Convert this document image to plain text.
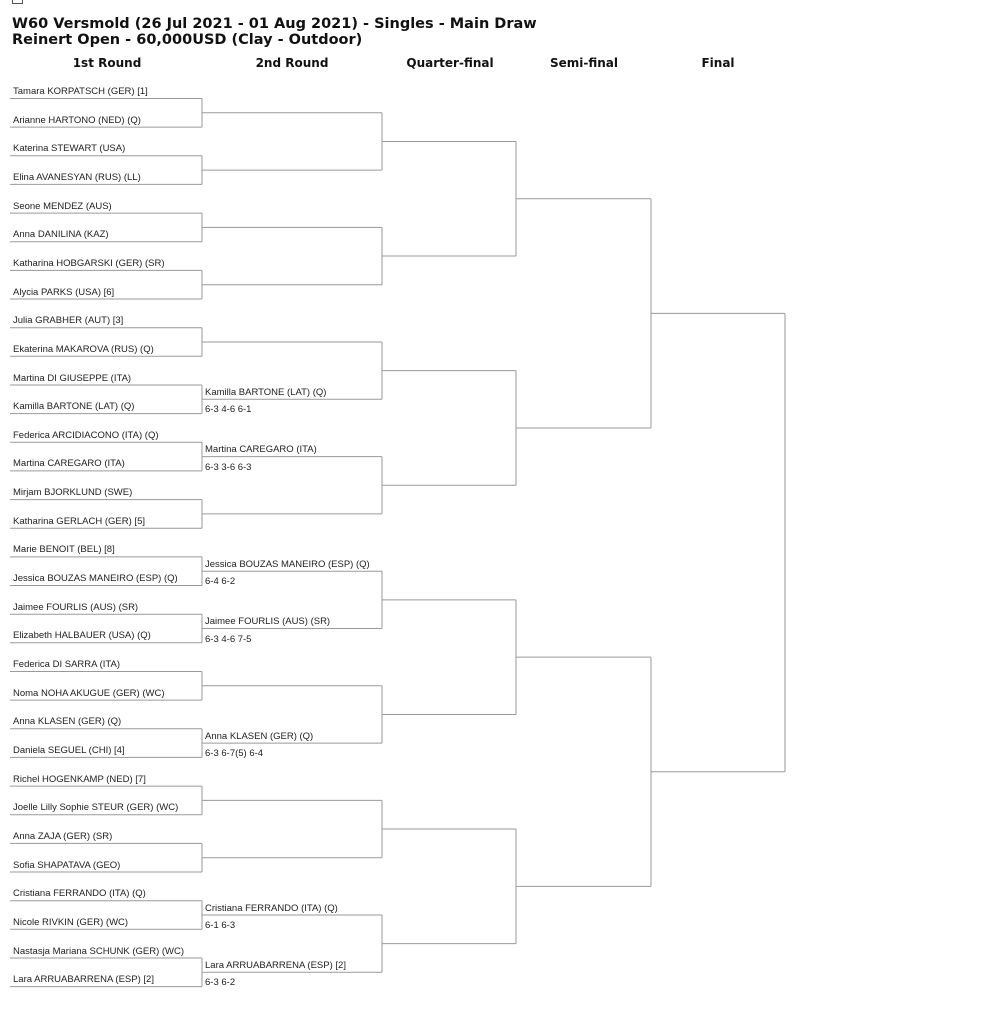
W60 Versmold (26 Jul 2021 - 01 Aug 2021) - Singles - Main Draw
Reinert Open - 60,000USD (Clay - Outdoor)
1st Round	2nd Round	Quarter-final	Semi-final	Final
Tamara KORPATSCH (GER) [1]
Arianne HARTONO (NED) (Q)
Katerina STEWART (USA)
Elina AVANESYAN (RUS) (LL)
Seone MENDEZ (AUS)
Anna DANILINA (KAZ)
Katharina HOBGARSKI (GER) (SR)
Alycia PARKS (USA) [6]
Julia GRABHER (AUT) [3]
Ekaterina MAKAROVA (RUS) (Q)
Martina DI GIUSEPPE (ITA)
Kamilla BARTONE (LAT) (Q)
Federica ARCIDIACONO (ITA) (Q)
Martina CAREGARO (ITA)
Mirjam BJORKLUND (SWE)
Katharina GERLACH (GER) [5]
Marie BENOIT (BEL) [8]
Jessica BOUZAS MANEIRO (ESP) (Q)
Jaimee FOURLIS (AUS) (SR)
Elizabeth HALBAUER (USA) (Q)
Federica DI SARRA (ITA)
Noma NOHA AKUGUE (GER) (WC)
Anna KLASEN (GER) (Q)
Daniela SEGUEL (CHI) [4]
Richel HOGENKAMP (NED) [7]
Joelle Lilly Sophie STEUR (GER) (WC)
Anna ZAJA (GER) (SR)
Sofia SHAPATAVA (GEO)
Cristiana FERRANDO (ITA) (Q)
Nicole RIVKIN (GER) (WC)
Nastasja Mariana SCHUNK (GER) (WC)
Lara ARRUABARRENA (ESP) [2]
Kamilla BARTONE (LAT) (Q)
6-3 4-6 6-1
Martina CAREGARO (ITA)
6-3 3-6 6-3
Jessica BOUZAS MANEIRO (ESP) (Q)
6-4 6-2
Jaimee FOURLIS (AUS) (SR)
6-3 4-6 7-5
Anna KLASEN (GER) (Q)
6-3 6-7(5) 6-4
Cristiana FERRANDO (ITA) (Q)
6-1 6-3
Lara ARRUABARRENA (ESP) [2]
6-3 6-2
